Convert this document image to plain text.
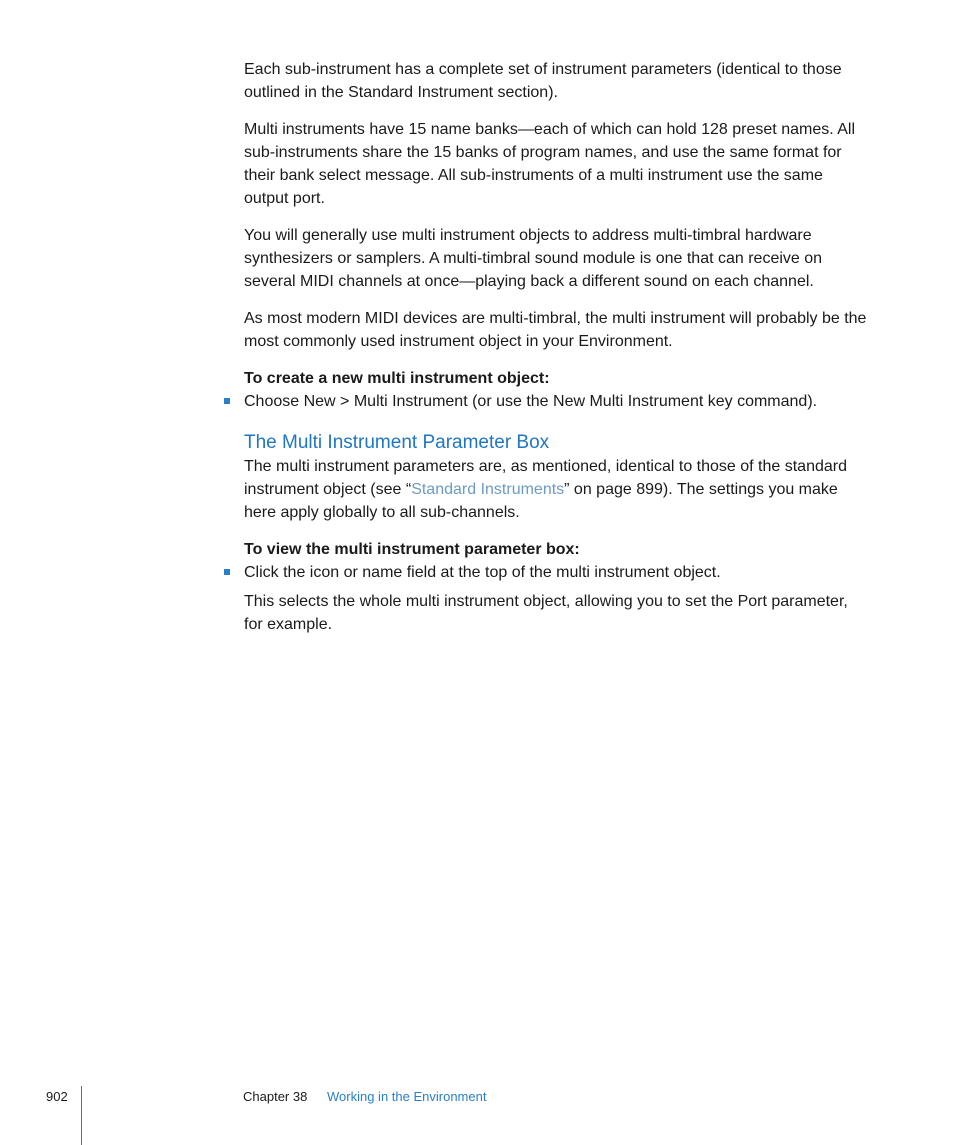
Each sub-instrument has a complete set of instrument parameters (identical to those outlined in the Standard Instrument section).

Multi instruments have 15 name banks—each of which can hold 128 preset names. All sub-instruments share the 15 banks of program names, and use the same format for their bank select message. All sub-instruments of a multi instrument use the same output port.

You will generally use multi instrument objects to address multi-timbral hardware synthesizers or samplers. A multi-timbral sound module is one that can receive on several MIDI channels at once—playing back a different sound on each channel.

As most modern MIDI devices are multi-timbral, the multi instrument will probably be the most commonly used instrument object in your Environment.

To create a new multi instrument object:

Choose New > Multi Instrument (or use the New Multi Instrument key command).
The Multi Instrument Parameter Box

The multi instrument parameters are, as mentioned, identical to those of the standard instrument object (see “Standard Instruments” on page 899). The settings you make here apply globally to all sub-channels.

To view the multi instrument parameter box:

Click the icon or name field at the top of the multi instrument object.

This selects the whole multi instrument object, allowing you to set the Port parameter, for example.

902	Chapter 38 Working in the Environment
